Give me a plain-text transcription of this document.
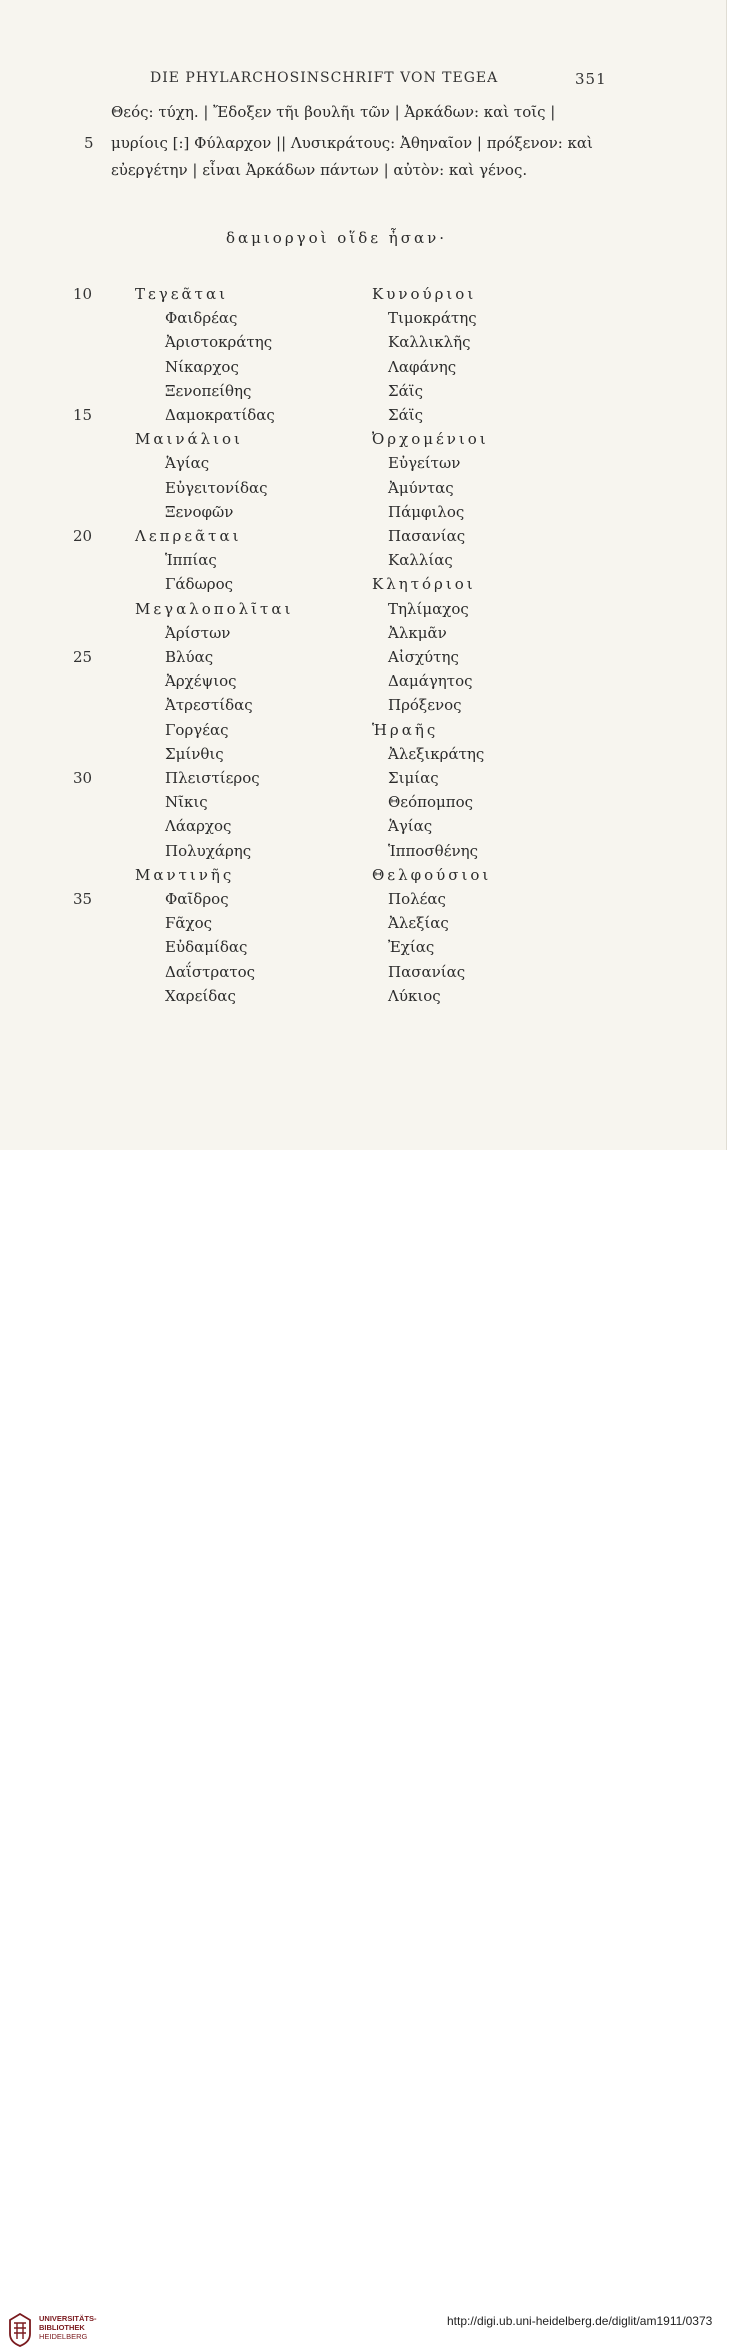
DIE PHYLARCHOSINSCHRIFT VON TEGEA	351
Θεός: τύχη. | Ἔδοξεν τῆι βουλῆι τῶν | Ἀρκάδων: καὶ τοῖς |
5 μυρίοις [:] Φύλαρχον || Λυσικράτους: Ἀθηναῖον | πρόξενον: καὶ
εὐεργέτην | εἶναι Ἀρκάδων πάντων | αὐτὸν: καὶ γένος.
δαμιοργοὶ οἵδε ἦσαν·
10
15
20
25
30
35
Τεγεᾶται
Φαιδρέας
Ἀριστοκράτης
Νίκαρχος
Ξενοπείθης
Δαμοκρατίδας
Μαινάλιοι
Ἁγίας
Εὐγειτονίδας
Ξενοφῶν
Λεπρεᾶται
Ἱππίας
Γάδωρος
Μεγαλοπολῖται
Ἀρίστων
Βλύας
Ἀρχέψιος
Ἀτρεστίδας
Γοργέας
Σμίνθις
Πλειστίερος
Νῖκις
Λάαρχος
Πολυχάρης
Μαντινῆς
Φαῖδρος
Ϝᾶχος
Εὐδαμίδας
Δαΐστρατος
Χαρείδας
Κυνούριοι
Τιμοκράτης
Καλλικλῆς
Λαφάνης
Σάϊς
Σάϊς
Ὀρχομένιοι
Εὐγείτων
Ἀμύντας
Πάμφιλος
Πασανίας
Καλλίας
Κλητόριοι
Τηλίμαχος
Ἀλκμᾶν
Αἰσχύτης
Δαμάγητος
Πρόξενος
Ἡραῆς
Ἀλεξικράτης
Σιμίας
Θεόπομπος
Ἁγίας
Ἱπποσθένης
Θελφούσιοι
Πολέας
Ἀλεξίας
Ἐχίας
Πασανίας
Λύκιος
UNIVERSITÄTS-
BIBLIOTHEK
HEIDELBERG
http://digi.ub.uni-heidelberg.de/diglit/am1911/0373
